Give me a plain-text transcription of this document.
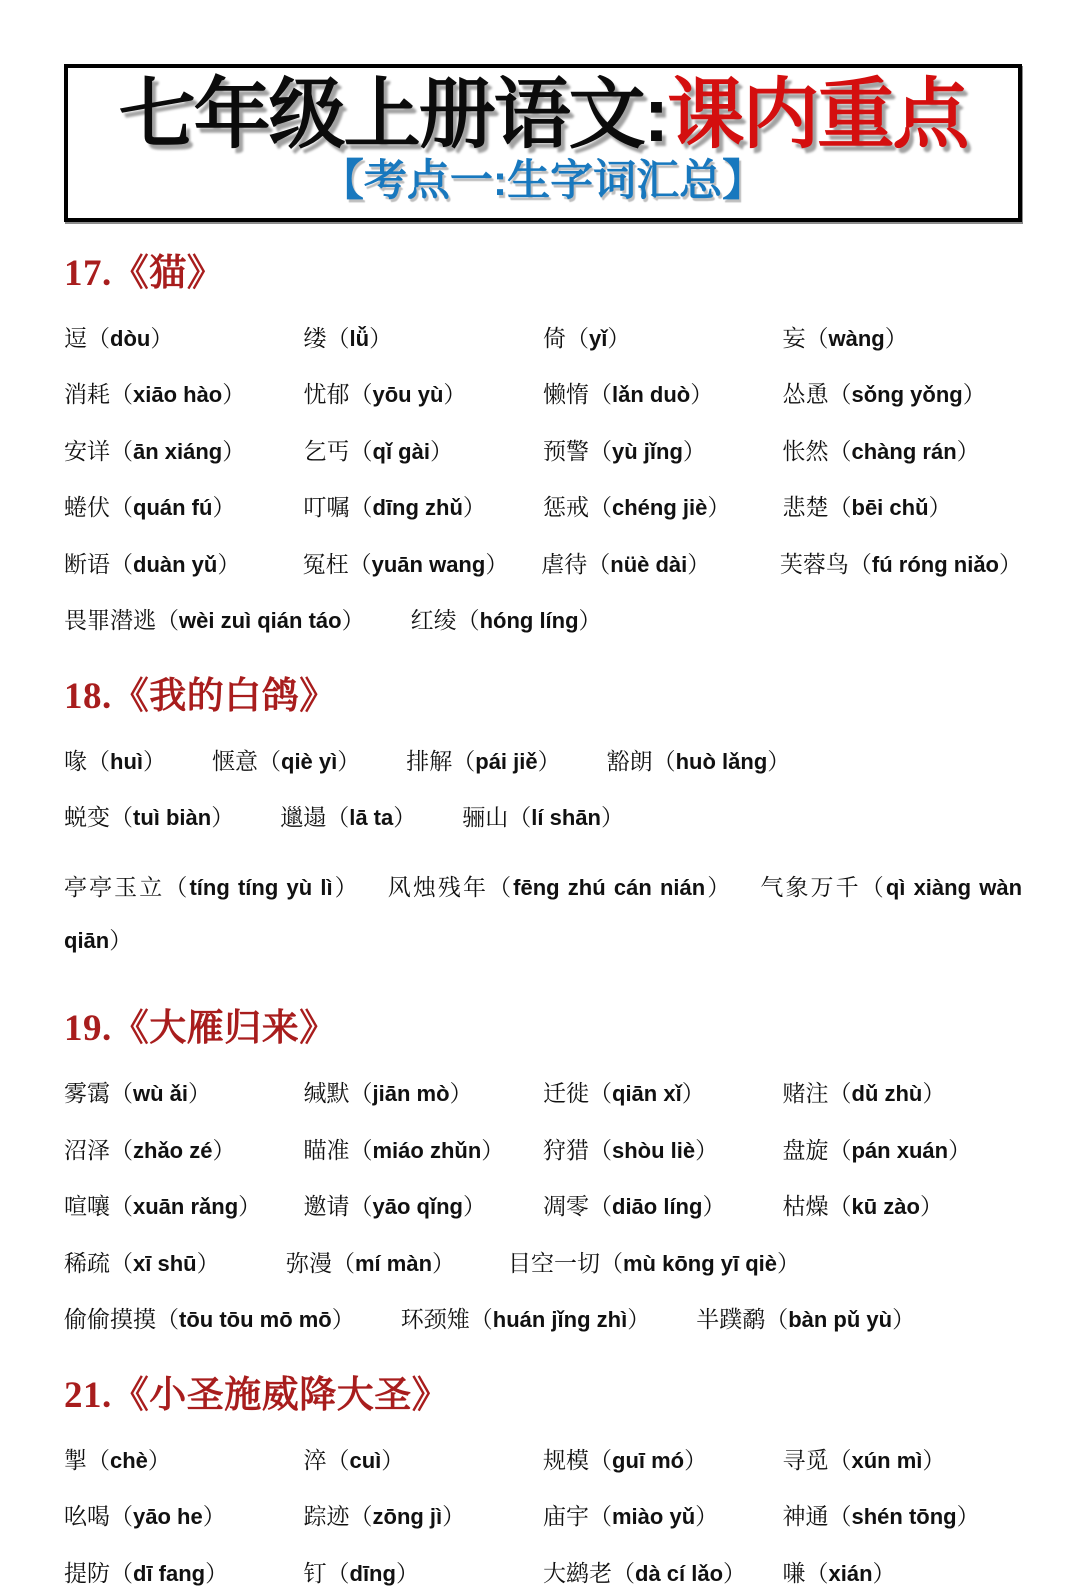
七年级上册语文:课内重点
【考点一:生字词汇总】
17.《猫》
逗（dòu）	缕（lǚ）	倚（yǐ）	妄（wàng）
消耗（xiāo hào）	忧郁（yōu yù）	懒惰（lǎn duò）	怂恿（sǒng yǒng）
安详（ān xiáng）	乞丐（qǐ gài）	预警（yù jǐng）	怅然（chàng rán）
蜷伏（quán fú）	叮嘱（dīng zhǔ）	惩戒（chéng jiè）	悲楚（bēi chǔ）
断语（duàn yǔ）	冤枉（yuān wang）	虐待（nüè dài）	芙蓉鸟（fú róng niǎo）
畏罪潜逃（wèi zuì qián táo） 红绫（hóng líng）
18.《我的白鸽》
喙（huì） 惬意（qiè yì） 排解（pái jiě） 豁朗（huò lǎng）
蜕变（tuì biàn） 邋遢（lā ta） 骊山（lí shān）
亭亭玉立（tíng tíng yù lì） 风烛残年（fēng zhú cán nián） 气象万千（qì xiàng wàn qiān）
19.《大雁归来》
雾霭（wù ǎi）	缄默（jiān mò）	迁徙（qiān xǐ）	赌注（dǔ zhù）
沼泽（zhǎo zé）	瞄准（miáo zhǔn）	狩猎（shòu liè）	盘旋（pán xuán）
喧嚷（xuān rǎng）	邀请（yāo qǐng）	凋零（diāo líng）	枯燥（kū zào）
稀疏（xī shū）	弥漫（mí màn）	目空一切（mù kōng yī qiè）
偷偷摸摸（tōu tōu mō mō） 环颈雉（huán jǐng zhì） 半蹼鹬（bàn pǔ yù）
21.《小圣施威降大圣》
掣（chè）	淬（cuì）	规模（guī mó）	寻觅（xún mì）
吆喝（yāo he）	踪迹（zōng jì）	庙宇（miào yǔ）	神通（shén tōng）
提防（dī fang）	钉（dīng）	大鹚老（dà cí lǎo）	嗛（xián）
